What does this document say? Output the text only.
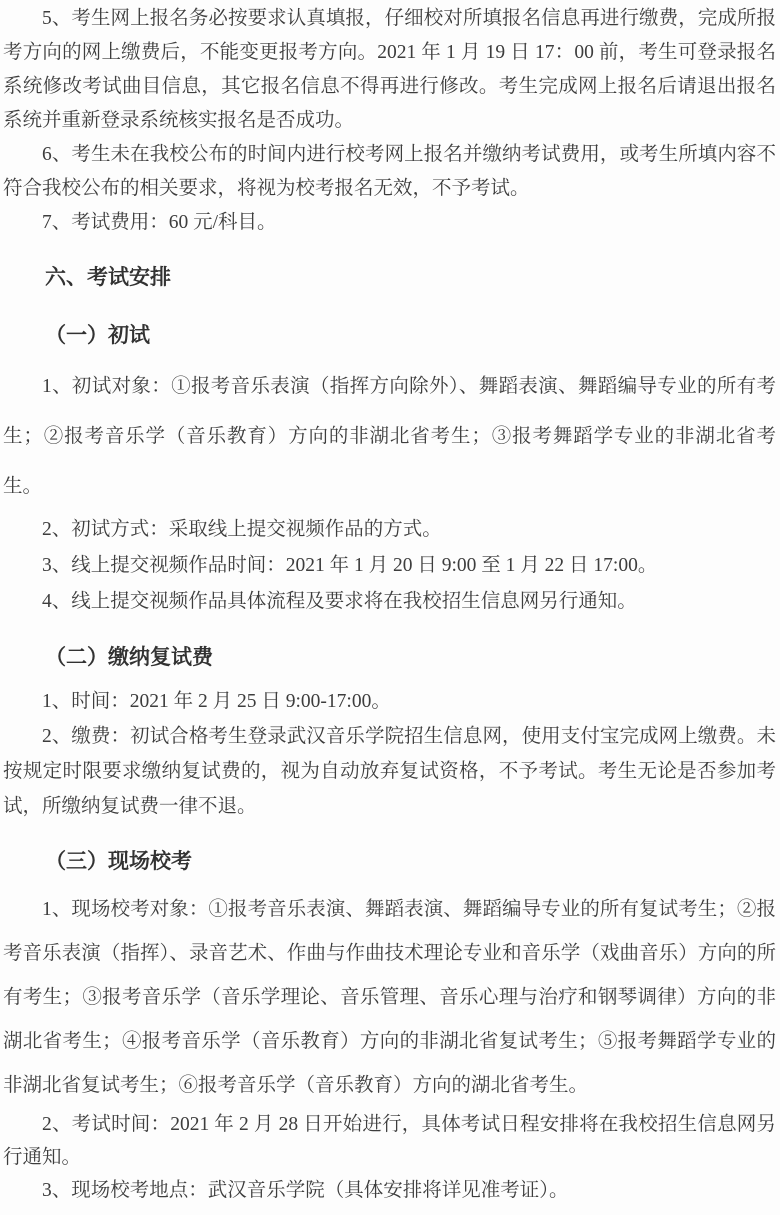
5、考生网上报名务必按要求认真填报，仔细校对所填报名信息再进行缴费，完成所报考方向的网上缴费后，不能变更报考方向。2021 年 1 月 19 日 17：00 前，考生可登录报名系统修改考试曲目信息，其它报名信息不得再进行修改。考生完成网上报名后请退出报名系统并重新登录系统核实报名是否成功。

6、考生未在我校公布的时间内进行校考网上报名并缴纳考试费用，或考生所填内容不符合我校公布的相关要求，将视为校考报名无效，不予考试。

7、考试费用：60 元/科目。

六、考试安排
（一）初试

1、初试对象：①报考音乐表演（指挥方向除外）、舞蹈表演、舞蹈编导专业的所有考生；②报考音乐学（音乐教育）方向的非湖北省考生；③报考舞蹈学专业的非湖北省考生。

2、初试方式：采取线上提交视频作品的方式。

3、线上提交视频作品时间：2021 年 1 月 20 日 9:00 至 1 月 22 日 17:00。

4、线上提交视频作品具体流程及要求将在我校招生信息网另行通知。

（二）缴纳复试费

1、时间：2021 年 2 月 25 日 9:00-17:00。

2、缴费：初试合格考生登录武汉音乐学院招生信息网，使用支付宝完成网上缴费。未按规定时限要求缴纳复试费的，视为自动放弃复试资格，不予考试。考生无论是否参加考试，所缴纳复试费一律不退。

（三）现场校考

1、现场校考对象：①报考音乐表演、舞蹈表演、舞蹈编导专业的所有复试考生；②报考音乐表演（指挥）、录音艺术、作曲与作曲技术理论专业和音乐学（戏曲音乐）方向的所有考生；③报考音乐学（音乐学理论、音乐管理、音乐心理与治疗和钢琴调律）方向的非湖北省考生；④报考音乐学（音乐教育）方向的非湖北省复试考生；⑤报考舞蹈学专业的非湖北省复试考生；⑥报考音乐学（音乐教育）方向的湖北省考生。

2、考试时间：2021 年 2 月 28 日开始进行，具体考试日程安排将在我校招生信息网另行通知。

3、现场校考地点：武汉音乐学院（具体安排将详见准考证）。
